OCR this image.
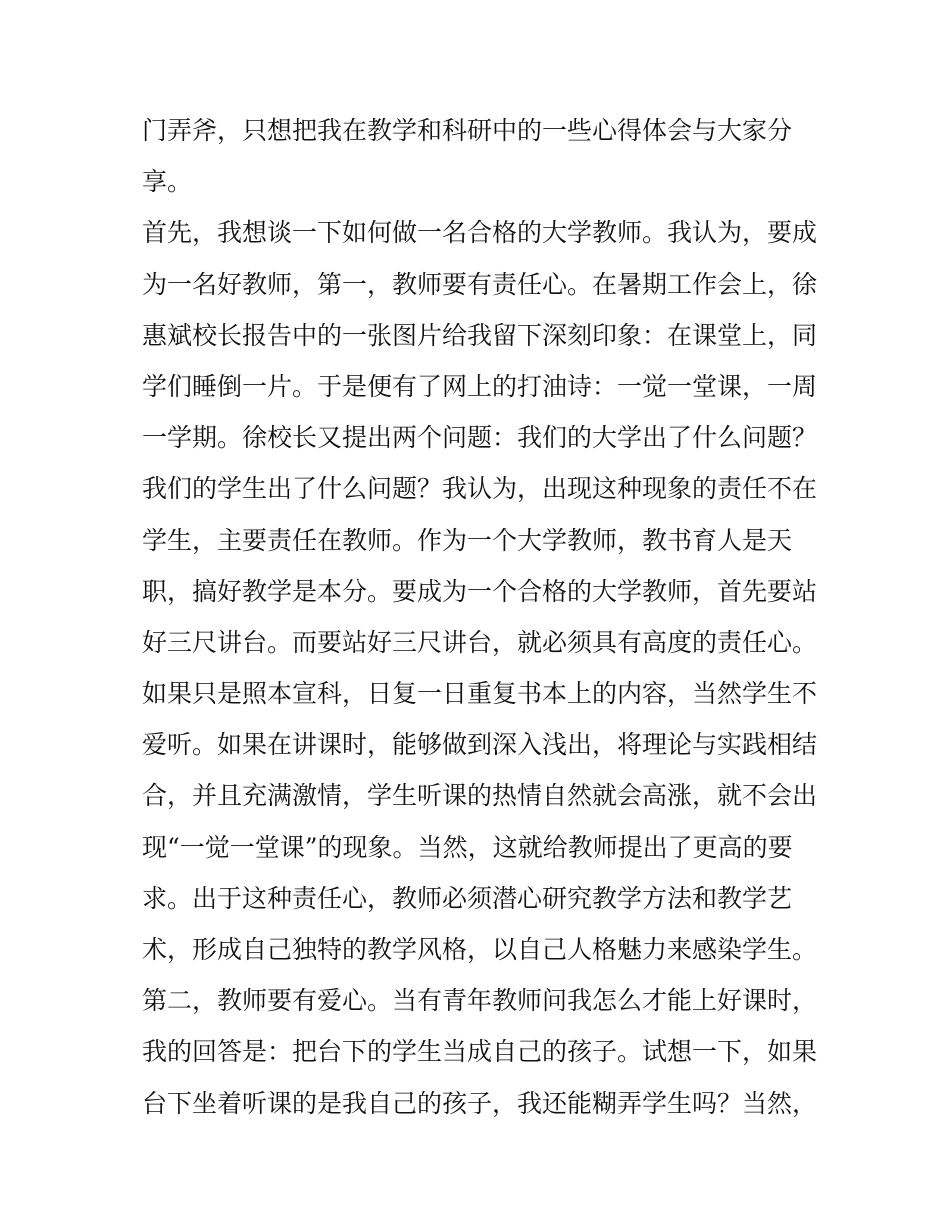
门弄斧，只想把我在教学和科研中的一些心得体会与大家分
享。
首先，我想谈一下如何做一名合格的大学教师。我认为，要成
为一名好教师，第一，教师要有责任心。在暑期工作会上，徐
惠斌校长报告中的一张图片给我留下深刻印象：在课堂上，同
学们睡倒一片。于是便有了网上的打油诗：一觉一堂课，一周
一学期。徐校长又提出两个问题：我们的大学出了什么问题？
我们的学生出了什么问题？我认为，出现这种现象的责任不在
学生，主要责任在教师。作为一个大学教师，教书育人是天
职，搞好教学是本分。要成为一个合格的大学教师，首先要站
好三尺讲台。而要站好三尺讲台，就必须具有高度的责任心。
如果只是照本宣科，日复一日重复书本上的内容，当然学生不
爱听。如果在讲课时，能够做到深入浅出，将理论与实践相结
合，并且充满激情，学生听课的热情自然就会高涨，就不会出
现“一觉一堂课”的现象。当然，这就给教师提出了更高的要
求。出于这种责任心，教师必须潜心研究教学方法和教学艺
术，形成自己独特的教学风格，以自己人格魅力来感染学生。
第二，教师要有爱心。当有青年教师问我怎么才能上好课时，
我的回答是：把台下的学生当成自己的孩子。试想一下，如果
台下坐着听课的是我自己的孩子，我还能糊弄学生吗？当然，
